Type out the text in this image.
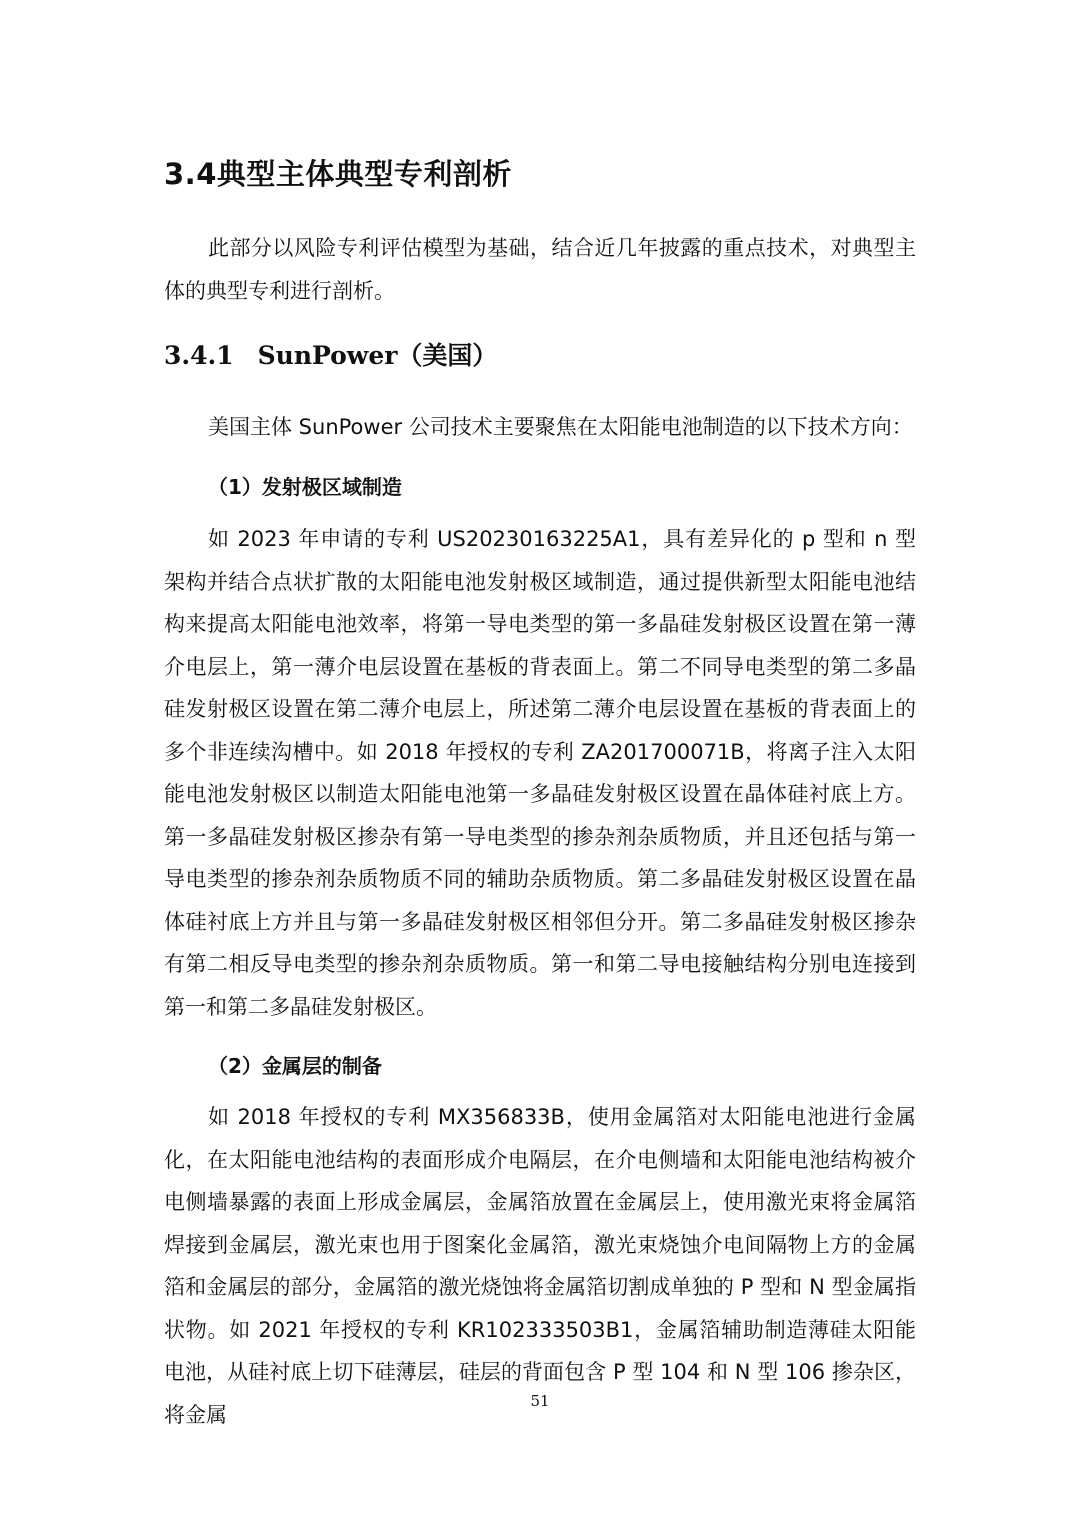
3.4典型主体典型专利剖析

此部分以风险专利评估模型为基础，结合近几年披露的重点技术，对典型主体的典型专利进行剖析。

3.4.1 SunPower（美国）

美国主体 SunPower 公司技术主要聚焦在太阳能电池制造的以下技术方向：

（1）发射极区域制造

如 2023 年申请的专利 US20230163225A1，具有差异化的 p 型和 n 型架构并结合点状扩散的太阳能电池发射极区域制造，通过提供新型太阳能电池结构来提高太阳能电池效率，将第一导电类型的第一多晶硅发射极区设置在第一薄介电层上，第一薄介电层设置在基板的背表面上。第二不同导电类型的第二多晶硅发射极区设置在第二薄介电层上，所述第二薄介电层设置在基板的背表面上的多个非连续沟槽中。如 2018 年授权的专利 ZA201700071B，将离子注入太阳能电池发射极区以制造太阳能电池第一多晶硅发射极区设置在晶体硅衬底上方。第一多晶硅发射极区掺杂有第一导电类型的掺杂剂杂质物质，并且还包括与第一导电类型的掺杂剂杂质物质不同的辅助杂质物质。第二多晶硅发射极区设置在晶体硅衬底上方并且与第一多晶硅发射极区相邻但分开。第二多晶硅发射极区掺杂有第二相反导电类型的掺杂剂杂质物质。第一和第二导电接触结构分别电连接到第一和第二多晶硅发射极区。

（2）金属层的制备

如 2018 年授权的专利 MX356833B，使用金属箔对太阳能电池进行金属化，在太阳能电池结构的表面形成介电隔层，在介电侧墙和太阳能电池结构被介电侧墙暴露的表面上形成金属层，金属箔放置在金属层上，使用激光束将金属箔焊接到金属层，激光束也用于图案化金属箔，激光束烧蚀介电间隔物上方的金属箔和金属层的部分，金属箔的激光烧蚀将金属箔切割成单独的 P 型和 N 型金属指状物。如 2021 年授权的专利 KR102333503B1，金属箔辅助制造薄硅太阳能电池，从硅衬底上切下硅薄层，硅层的背面包含 P 型 104 和 N 型 106 掺杂区，将金属

51
